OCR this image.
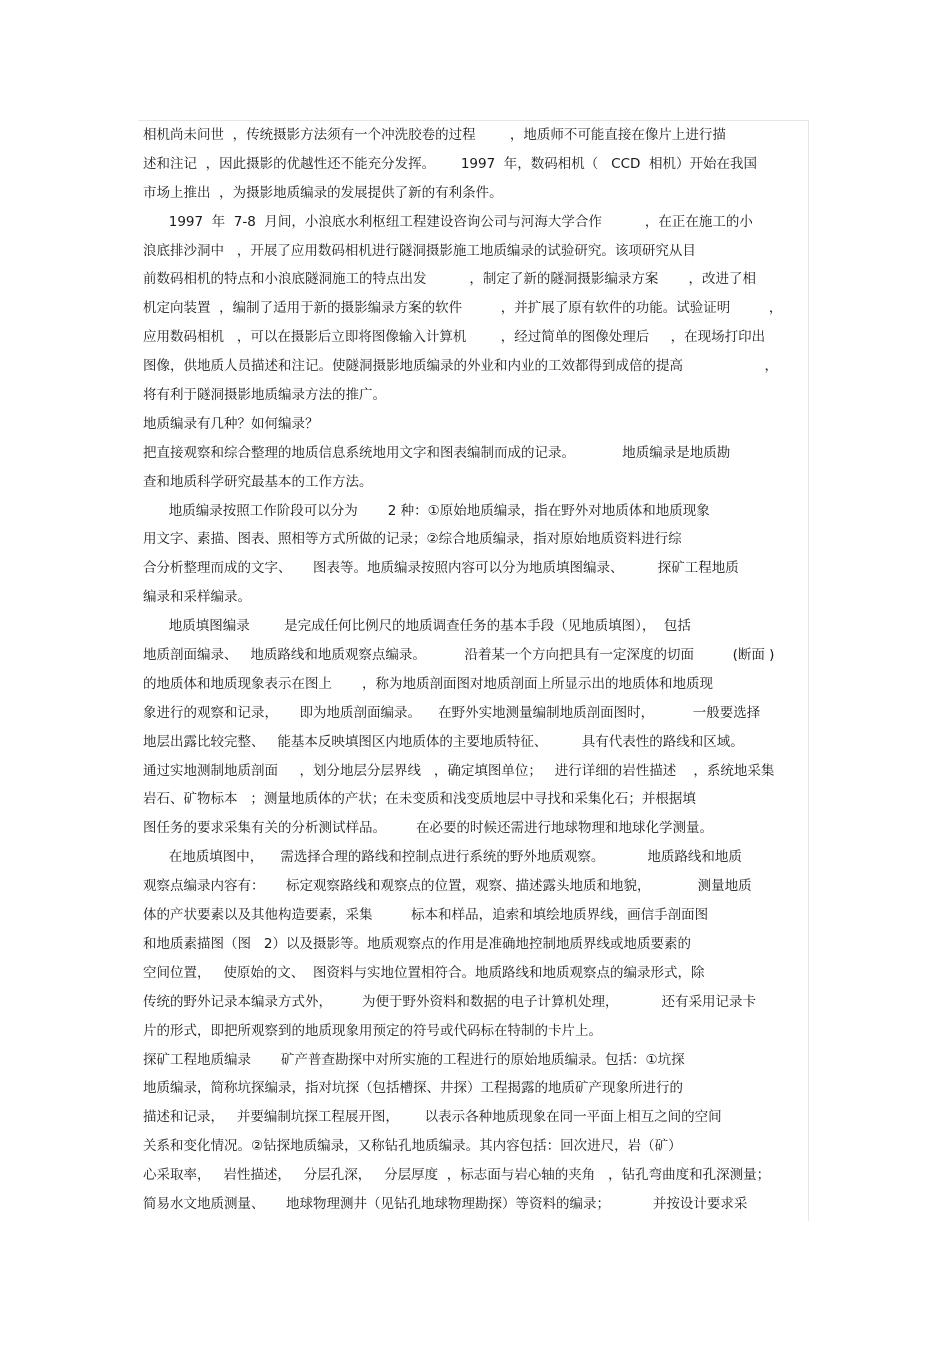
相机尚未问世  ，传统摄影方法须有一个冲洗胶卷的过程        ，地质师不可能直接在像片上进行描
述和注记  ，因此摄影的优越性还不能充分发挥。      1997  年，数码相机（   CCD  相机）开始在我国
市场上推出  ，为摄影地质编录的发展提供了新的有利条件。
1997  年  7-8  月间，小浪底水利枢纽工程建设咨询公司与河海大学合作          ，在正在施工的小
浪底排沙洞中   ，开展了应用数码相机进行隧洞摄影施工地质编录的试验研究。该项研究从目
前数码相机的特点和小浪底隧洞施工的特点出发          ，制定了新的隧洞摄影编录方案       ，改进了相
机定向装置  ，编制了适用于新的摄影编录方案的软件         ，并扩展了原有软件的功能。试验证明         ，
应用数码相机   ，可以在摄影后立即将图像输入计算机        ，经过简单的图像处理后     ，在现场打印出
图像，供地质人员描述和注记。使隧洞摄影地质编录的外业和内业的工效都得到成倍的提高                   ，
将有利于隧洞摄影地质编录方法的推广。
地质编录有几种？如何编录？
把直接观察和综合整理的地质信息系统地用文字和图表编制而成的记录。           地质编录是地质勘
查和地质科学研究最基本的工作方法。
地质编录按照工作阶段可以分为       2 种：①原始地质编录，指在野外对地质体和地质现象
用文字、素描、图表、照相等方式所做的记录；②综合地质编录，指对原始地质资料进行综
合分析整理而成的文字、     图表等。地质编录按照内容可以分为地质填图编录、        探矿工程地质
编录和采样编录。
地质填图编录        是完成任何比例尺的地质调查任务的基本手段（见地质填图），  包括
地质剖面编录、   地质路线和地质观察点编录。         沿着某一个方向把具有一定深度的切面         (断面 )
的地质体和地质现象表示在图上       ，称为地质剖面图对地质剖面上所显示出的地质体和地质现
象进行的观察和记录，     即为地质剖面编录。    在野外实地测量编制地质剖面图时，         一般要选择
地层出露比较完整、   能基本反映填图区内地质体的主要地质特征、        具有代表性的路线和区域。
通过实地测制地质剖面     ，划分地层分层界线   ，确定填图单位；   进行详细的岩性描述    ，系统地采集
岩石、矿物标本   ；测量地质体的产状；在未变质和浅变质地层中寻找和采集化石；并根据填
图任务的要求采集有关的分析测试样品。       在必要的时候还需进行地球物理和地球化学测量。
在地质填图中，    需选择合理的路线和控制点进行系统的野外地质观察。          地质路线和地质
观察点编录内容有：     标定观察路线和观察点的位置，观察、描述露头地质和地貌，           测量地质
体的产状要素以及其他构造要素，采集         标本和样品，追索和填绘地质界线，画信手剖面图
和地质素描图（图   2）以及摄影等。地质观察点的作用是准确地控制地质界线或地质要素的
空间位置，   使原始的文、  图资料与实地位置相符合。地质路线和地质观察点的编录形式，除
传统的野外记录本编录方式外，       为便于野外资料和数据的电子计算机处理，          还有采用记录卡
片的形式，即把所观察到的地质现象用预定的符号或代码标在特制的卡片上。
探矿工程地质编录       矿产普查勘探中对所实施的工程进行的原始地质编录。包括：①坑探
地质编录，简称坑探编录，指对坑探（包括槽探、井探）工程揭露的地质矿产现象所进行的
描述和记录，   并要编制坑探工程展开图，      以表示各种地质现象在同一平面上相互之间的空间
关系和变化情况。②钻探地质编录，又称钻孔地质编录。其内容包括：回次进尺，岩（矿）
心采取率，   岩性描述，   分层孔深，   分层厚度  ，标志面与岩心轴的夹角   ，钻孔弯曲度和孔深测量；
简易水文地质测量、     地球物理测井（见钻孔地球物理勘探）等资料的编录；          并按设计要求采
